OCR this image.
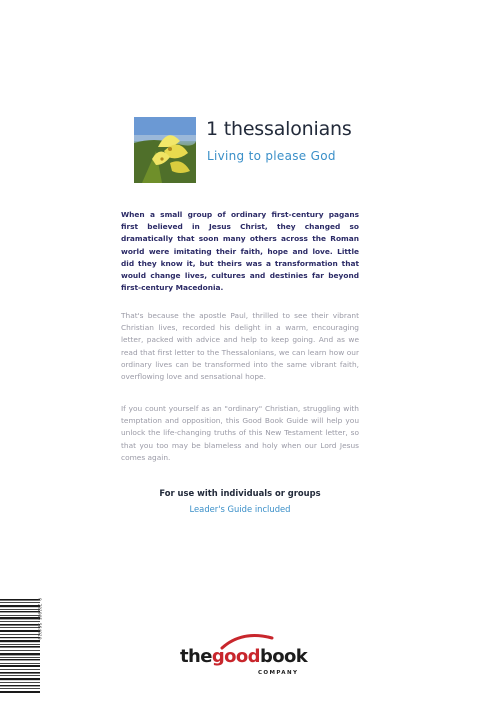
1 thessalonians
Living to please God

When a small group of ordinary first-century pagans first believed in Jesus Christ, they changed so dramatically that soon many others across the Roman world were imitating their faith, hope and love. Little did they know it, but theirs was a transformation that would change lives, cultures and destinies far beyond first-century Macedonia.

That's because the apostle Paul, thrilled to see their vibrant Christian lives, recorded his delight in a warm, encouraging letter, packed with advice and help to keep going. And as we read that first letter to the Thessalonians, we can learn how our ordinary lives can be transformed into the same vibrant faith, overflowing love and sensational hope.

If you count yourself as an "ordinary" Christian, struggling with temptation and opposition, this Good Book Guide will help you unlock the life-changing truths of this New Testament letter, so that you too may be blameless and holy when our Lord Jesus comes again.

For use with individuals or groups
Leader's Guide included
9 781905 564910
thegoodbook
COMPANY
